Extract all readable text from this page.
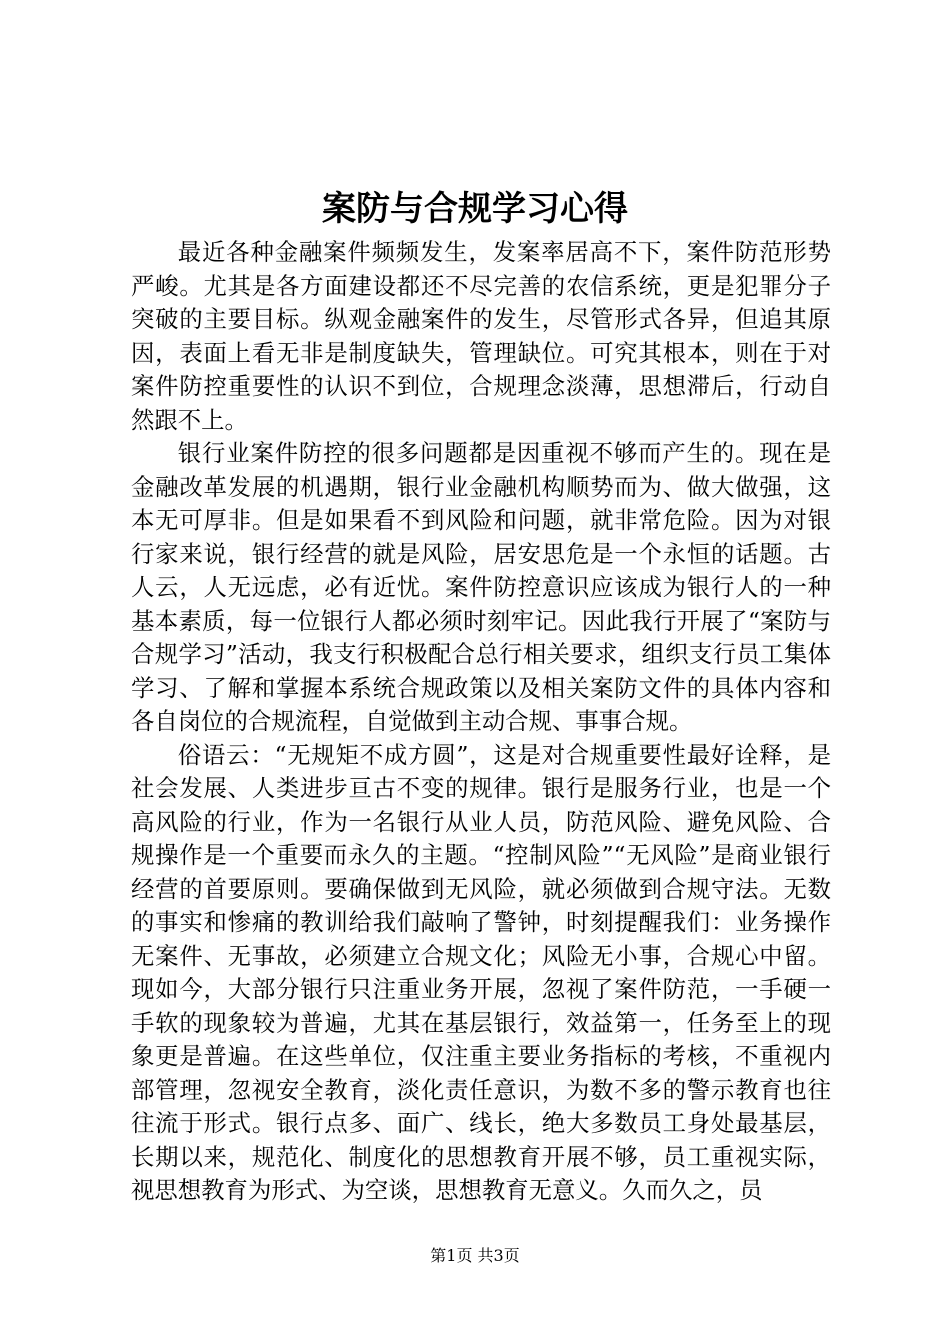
案防与合规学习心得

最近各种金融案件频频发生，发案率居高不下，案件防范形势严峻。尤其是各方面建设都还不尽完善的农信系统，更是犯罪分子突破的主要目标。纵观金融案件的发生，尽管形式各异，但追其原因，表面上看无非是制度缺失，管理缺位。可究其根本，则在于对案件防控重要性的认识不到位，合规理念淡薄，思想滞后，行动自然跟不上。

银行业案件防控的很多问题都是因重视不够而产生的。现在是金融改革发展的机遇期，银行业金融机构顺势而为、做大做强，这本无可厚非。但是如果看不到风险和问题，就非常危险。因为对银行家来说，银行经营的就是风险，居安思危是一个永恒的话题。古人云，人无远虑，必有近忧。案件防控意识应该成为银行人的一种基本素质，每一位银行人都必须时刻牢记。因此我行开展了“案防与合规学习”活动，我支行积极配合总行相关要求，组织支行员工集体学习、了解和掌握本系统合规政策以及相关案防文件的具体内容和各自岗位的合规流程，自觉做到主动合规、事事合规。

俗语云：“无规矩不成方圆”，这是对合规重要性最好诠释，是社会发展、人类进步亘古不变的规律。银行是服务行业，也是一个高风险的行业，作为一名银行从业人员，防范风险、避免风险、合规操作是一个重要而永久的主题。“控制风险”“无风险”是商业银行经营的首要原则。要确保做到无风险，就必须做到合规守法。无数的事实和惨痛的教训给我们敲响了警钟，时刻提醒我们：业务操作无案件、无事故，必须建立合规文化；风险无小事，合规心中留。现如今，大部分银行只注重业务开展，忽视了案件防范，一手硬一手软的现象较为普遍，尤其在基层银行，效益第一，任务至上的现象更是普遍。在这些单位，仅注重主要业务指标的考核，不重视内部管理，忽视安全教育，淡化责任意识，为数不多的警示教育也往往流于形式。银行点多、面广、线长，绝大多数员工身处最基层，长期以来，规范化、制度化的思想教育开展不够，员工重视实际，视思想教育为形式、为空谈，思想教育无意义。久而久之，员

第1页 共3页
